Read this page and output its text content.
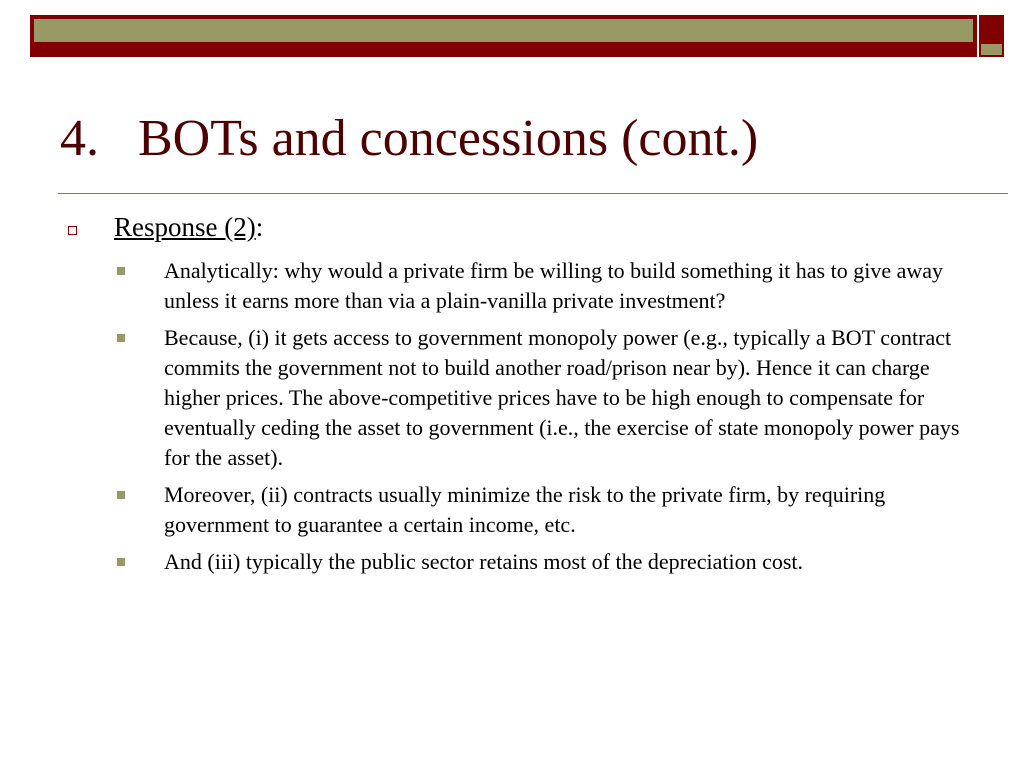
4.   BOTs and concessions (cont.)
Response (2):
Analytically: why would a private firm be willing to build something it has to give away unless it earns more than via a plain-vanilla private investment?
Because, (i) it gets access to government monopoly power (e.g., typically a BOT contract commits the government not to build another road/prison near by). Hence it can charge higher prices. The above-competitive prices have to be high enough to compensate for eventually ceding the asset to government (i.e., the exercise of state monopoly power pays for the asset).
Moreover, (ii) contracts usually minimize the risk to the private firm, by requiring government to guarantee a certain income, etc.
And (iii) typically the public sector retains most of the depreciation cost.
